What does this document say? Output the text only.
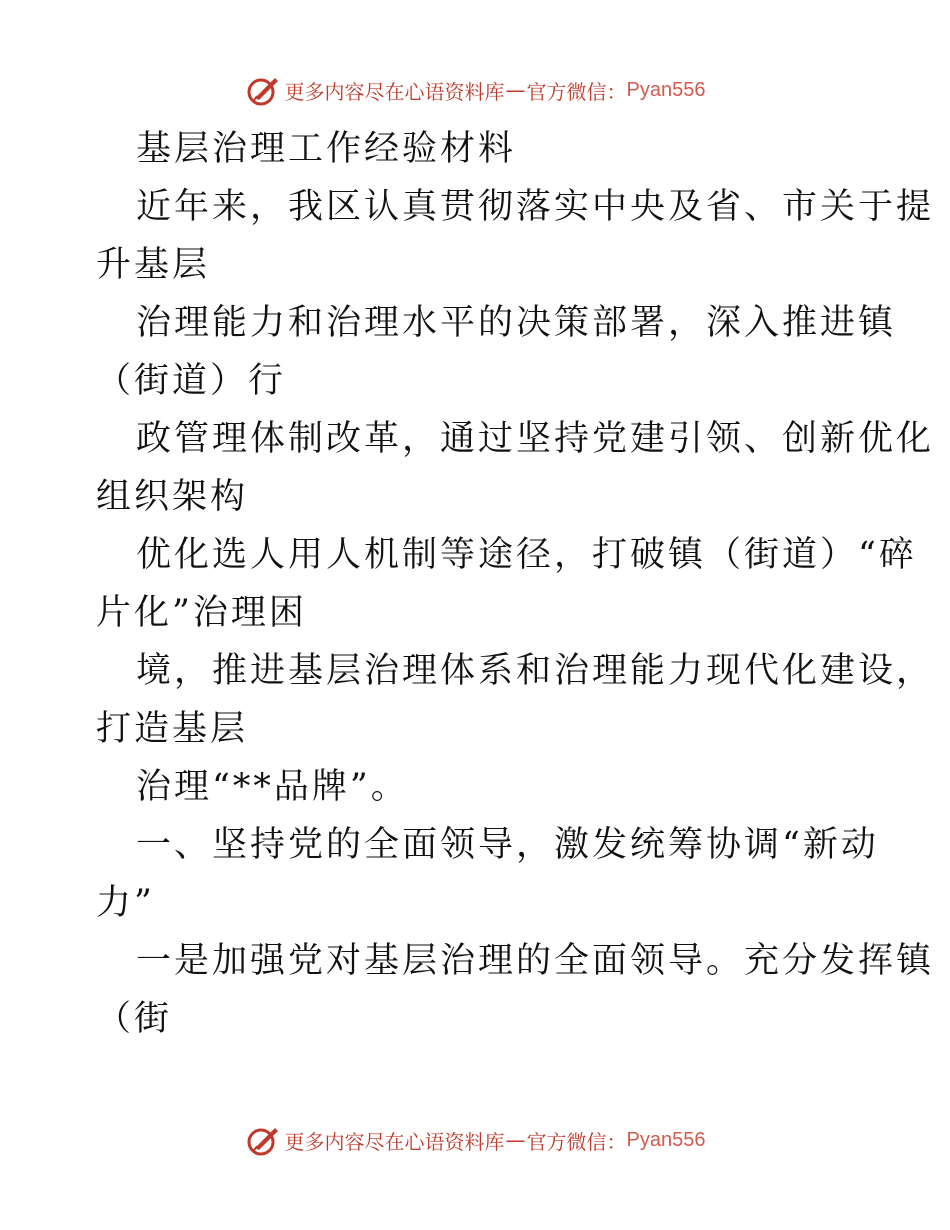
更多内容尽在心语资料库 — 官方微信： Pyan556
基层治理工作经验材料
近年来，我区认真贯彻落实中央及省、市关于提
升基层
治理能力和治理水平的决策部署，深入推进镇
（街道）行
政管理体制改革，通过坚持党建引领、创新优化
组织架构
优化选人用人机制等途径，打破镇（街道）“碎
片化”治理困
境，推进基层治理体系和治理能力现代化建设，
打造基层
治理“**品牌”。
一、坚持党的全面领导，激发统筹协调“新动
力”
一是加强党对基层治理的全面领导。充分发挥镇
（街
更多内容尽在心语资料库 — 官方微信： Pyan556
